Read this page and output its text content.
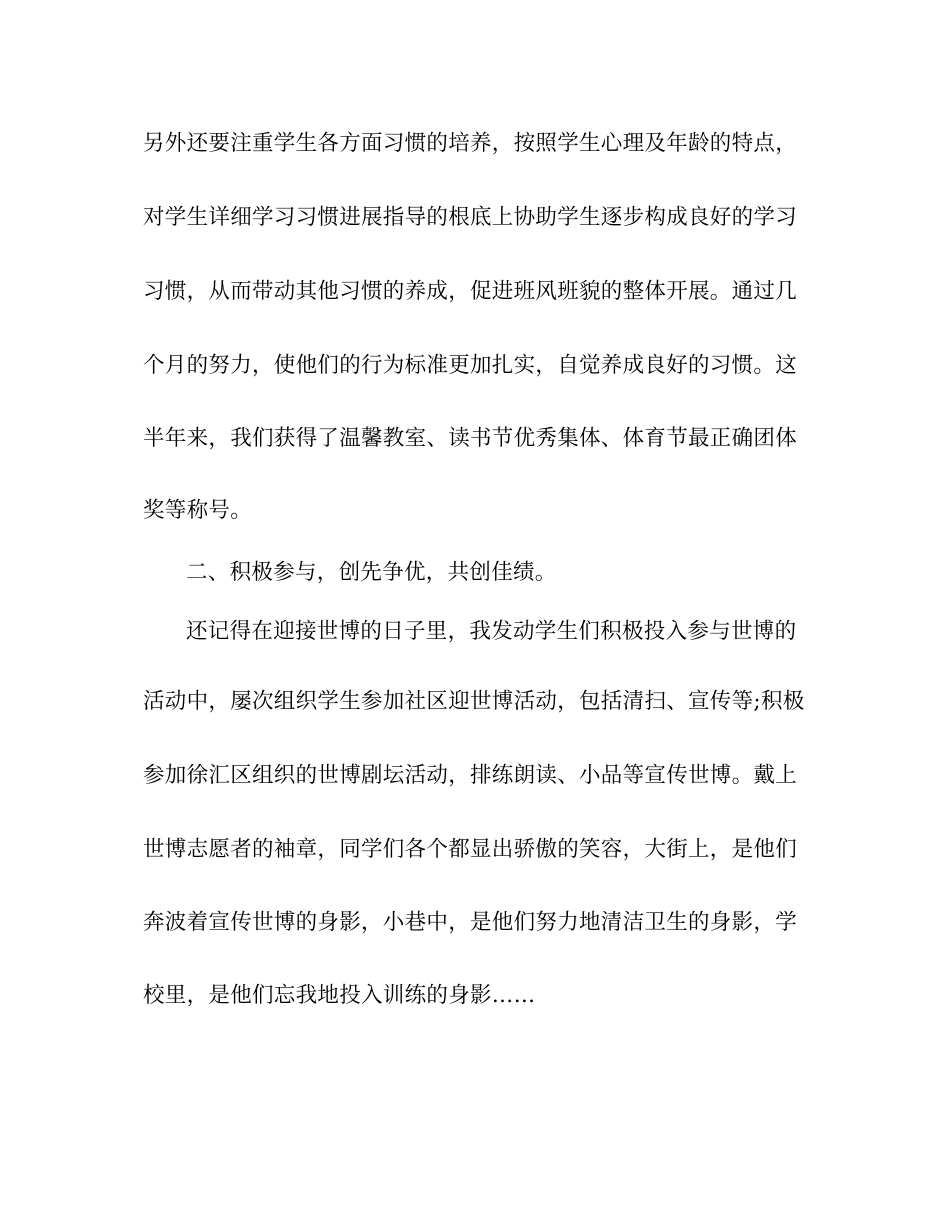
另外还要注重学生各方面习惯的培养，按照学生心理及年龄的特点，
对学生详细学习习惯进展指导的根底上协助学生逐步构成良好的学习
习惯，从而带动其他习惯的养成，促进班风班貌的整体开展。通过几
个月的努力，使他们的行为标准更加扎实，自觉养成良好的习惯。这
半年来，我们获得了温馨教室、读书节优秀集体、体育节最正确团体
奖等称号。
二、积极参与，创先争优，共创佳绩。
还记得在迎接世博的日子里，我发动学生们积极投入参与世博的
活动中，屡次组织学生参加社区迎世博活动，包括清扫、宣传等;积极
参加徐汇区组织的世博剧坛活动，排练朗读、小品等宣传世博。戴上
世博志愿者的袖章，同学们各个都显出骄傲的笑容，大街上，是他们
奔波着宣传世博的身影，小巷中，是他们努力地清洁卫生的身影，学
校里，是他们忘我地投入训练的身影……
